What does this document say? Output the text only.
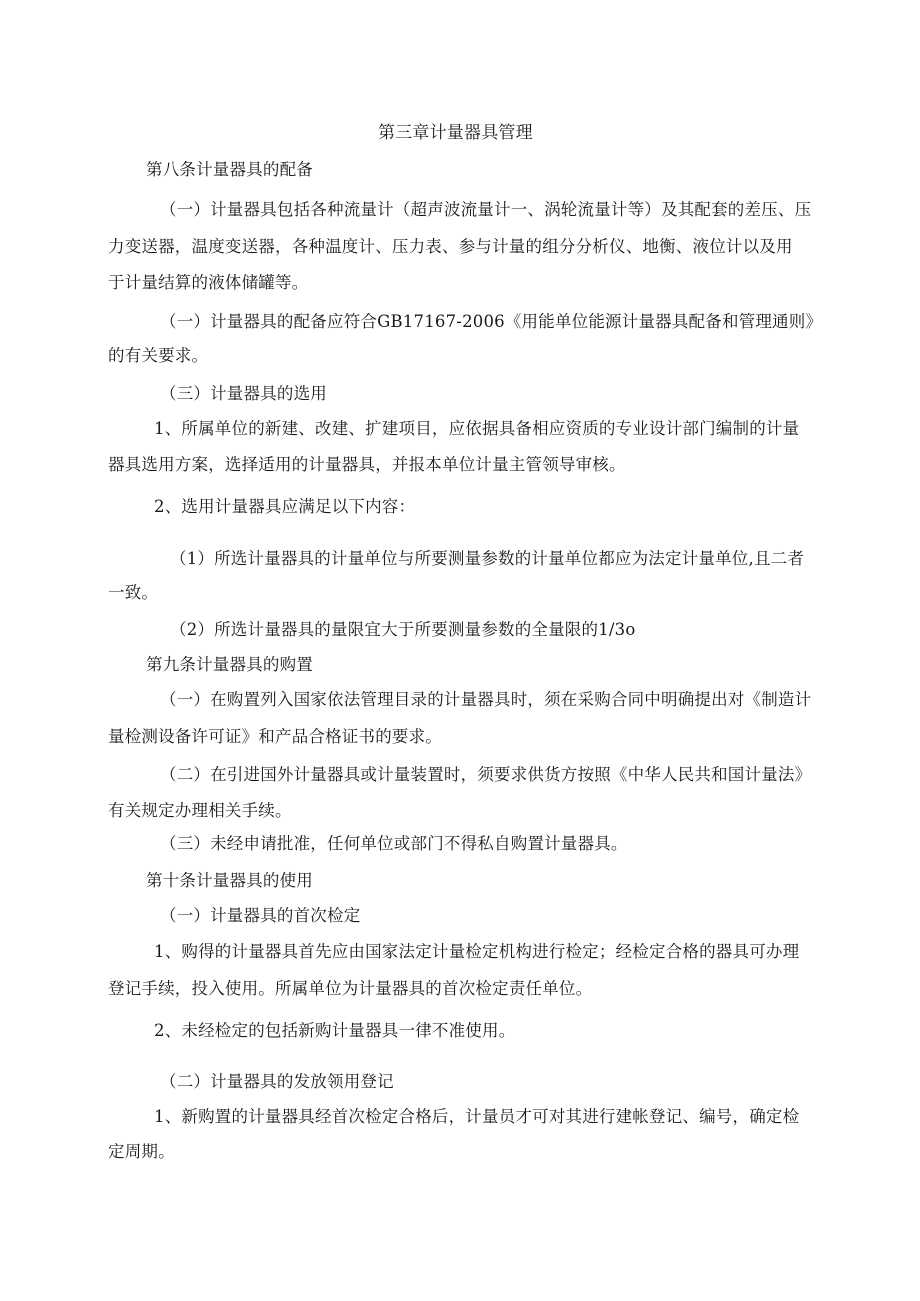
第三章计量器具管理
第八条计量器具的配备
（一）计量器具包括各种流量计（超声波流量计一、涡轮流量计等）及其配套的差压、压
力变送器，温度变送器，各种温度计、压力表、参与计量的组分分析仪、地衡、液位计以及用
于计量结算的液体储罐等。
（一）计量器具的配备应符合GB17167-2006《用能单位能源计量器具配备和管理通则》
的有关要求。
（三）计量器具的选用
1、所属单位的新建、改建、扩建项目，应依据具备相应资质的专业设计部门编制的计量
器具选用方案，选择适用的计量器具，并报本单位计量主管领导审核。
2、选用计量器具应满足以下内容：
（1）所选计量器具的计量单位与所要测量参数的计量单位都应为法定计量单位,且二者
一致。
（2）所选计量器具的量限宜大于所要测量参数的全量限的1/3o
第九条计量器具的购置
（一）在购置列入国家依法管理目录的计量器具时，须在采购合同中明确提出对《制造计
量检测设备许可证》和产品合格证书的要求。
（二）在引进国外计量器具或计量装置时，须要求供货方按照《中华人民共和国计量法》
有关规定办理相关手续。
（三）未经申请批准，任何单位或部门不得私自购置计量器具。
第十条计量器具的使用
（一）计量器具的首次检定
1、购得的计量器具首先应由国家法定计量检定机构进行检定；经检定合格的器具可办理
登记手续，投入使用。所属单位为计量器具的首次检定责任单位。
2、未经检定的包括新购计量器具一律不准使用。
（二）计量器具的发放领用登记
1、新购置的计量器具经首次检定合格后，计量员才可对其进行建帐登记、编号，确定检
定周期。
